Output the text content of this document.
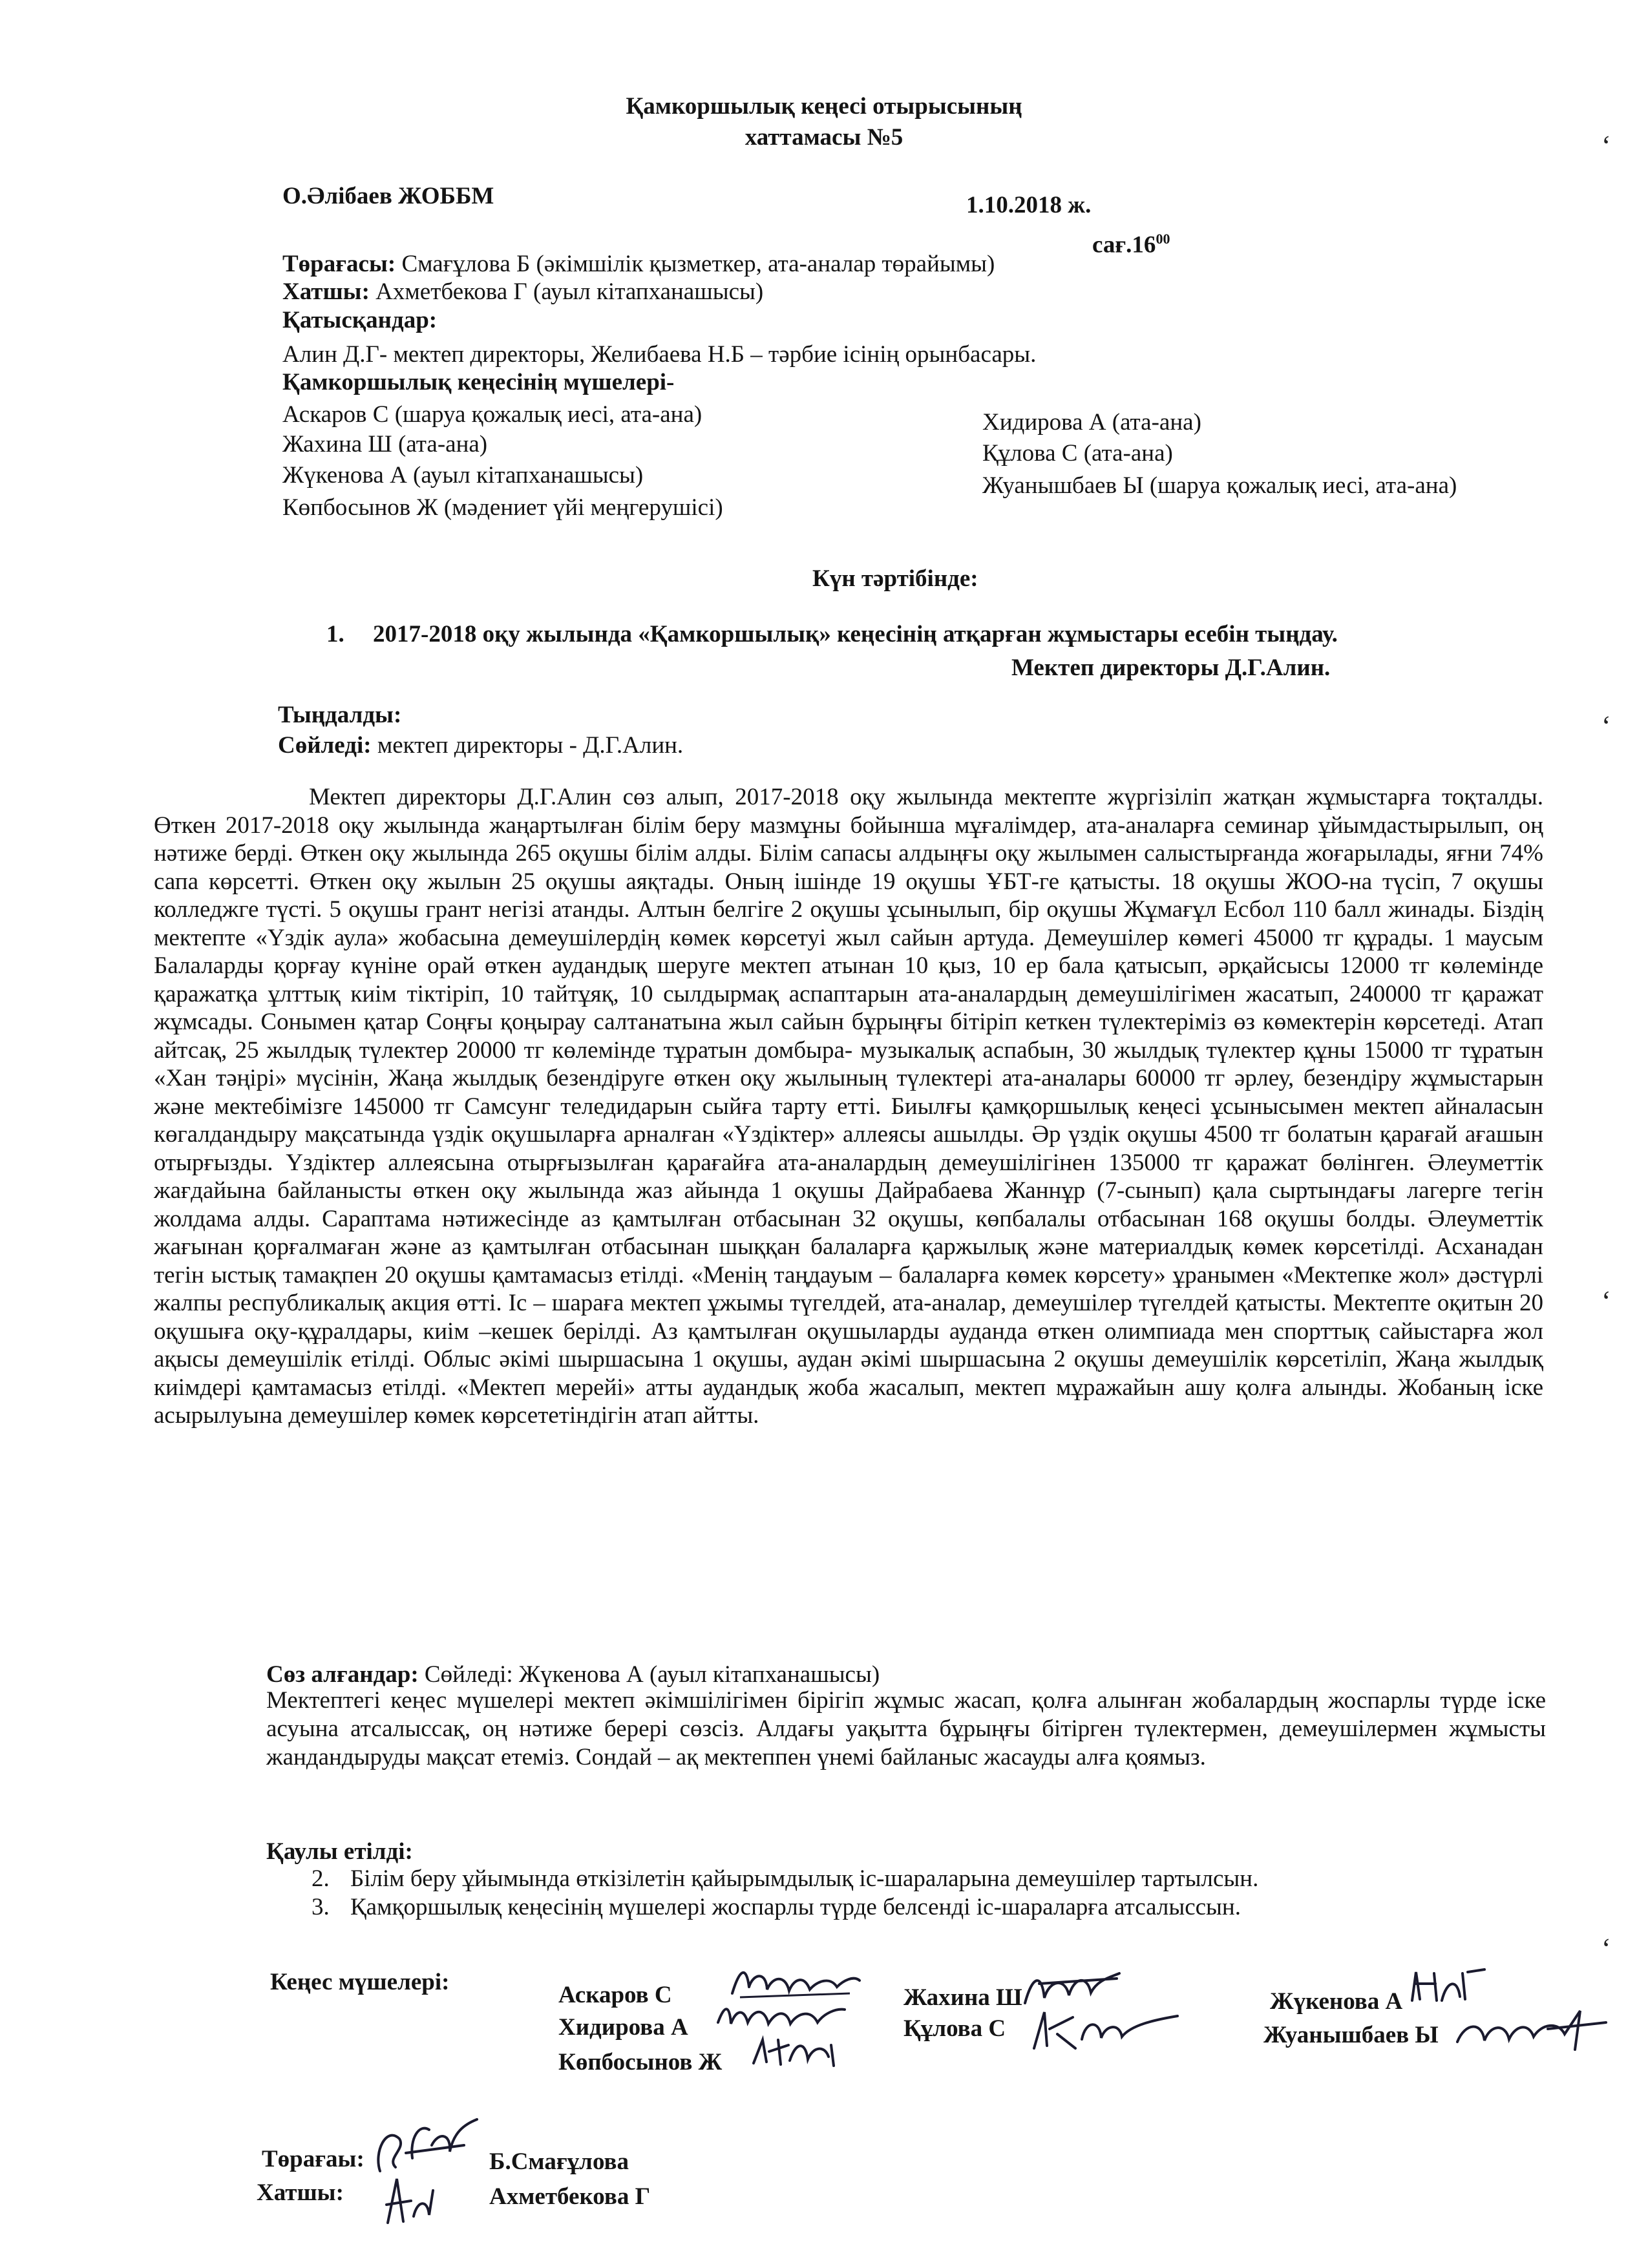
Қамкоршылық кеңесі отырысының
хаттамасы №5
О.Әлібаев ЖОББМ	1.10.2018 ж.
$сағ.16^{00}$
Төрағасы: Смағұлова Б (әкімшілік қызметкер, ата-аналар төрайымы)
Хатшы: Ахметбекова Г (ауыл кітапханашысы)
Қатысқандар:
Алин Д.Г- мектеп директоры, Желибаева Н.Б – тәрбие ісінің орынбасары.
Қамкоршылық кеңесінің мүшелері-
Аскаров С (шаруа қожалық иесі, ата-ана)
Жахина Ш (ата-ана)
Жүкенова А (ауыл кітапханашысы)
Көпбосынов Ж (мәдениет үйі меңгерушісі)
Хидирова А (ата-ана)
Құлова С (ата-ана)
Жуанышбаев Ы (шаруа қожалық иесі, ата-ана)
Күн тәртібінде:
1. 2017-2018 оқу жылында «Қамкоршылық» кеңесінің атқарған жұмыстары есебін тыңдау.
Мектеп директоры Д.Г.Алин.
Тыңдалды:
Сөйледі: мектеп директоры - Д.Г.Алин.

Мектеп директоры Д.Г.Алин сөз алып, 2017-2018 оқу жылында мектепте жүргізіліп жатқан жұмыстарға тоқталды. Өткен 2017-2018 оқу жылында жаңартылған білім беру мазмұны бойынша мұғалімдер, ата-аналарға семинар ұйымдастырылып, оң нәтиже берді. Өткен оқу жылында 265 оқушы білім алды. Білім сапасы алдыңғы оқу жылымен салыстырғанда жоғарылады, яғни 74% сапа көрсетті. Өткен оқу жылын 25 оқушы аяқтады. Оның ішінде 19 оқушы ҰБТ-ге қатысты. 18 оқушы ЖОО-на түсіп, 7 оқушы колледжге түсті. 5 оқушы грант негізі атанды. Алтын белгіге 2 оқушы ұсынылып, бір оқушы Жұмағұл Есбол 110 балл жинады. Біздің мектепте «Үздік аула» жобасына демеушілердің көмек көрсетуі жыл сайын артуда. Демеушілер көмегі 45000 тг құрады. 1 маусым Балаларды қорғау күніне орай өткен аудандық шеруге мектеп атынан 10 қыз, 10 ер бала қатысып, әрқайсысы 12000 тг көлемінде қаражатқа ұлттық киім тіктіріп, 10 тайтұяқ, 10 сылдырмақ аспаптарын ата-аналардың демеушілігімен жасатып, 240000 тг қаражат жұмсады. Сонымен қатар Соңғы қоңырау салтанатына жыл сайын бұрыңғы бітіріп кеткен түлектеріміз өз көмектерін көрсетеді. Атап айтсақ, 25 жылдық түлектер 20000 тг көлемінде тұратын домбыра- музыкалық аспабын, 30 жылдық түлектер құны 15000 тг тұратын «Хан тәңірі» мүсінін, Жаңа жылдық безендіруге өткен оқу жылының түлектері ата-аналары 60000 тг әрлеу, безендіру жұмыстарын және мектебімізге 145000 тг Самсунг теледидарын сыйға тарту етті. Биылғы қамқоршылық кеңесі ұсынысымен мектеп айналасын көгалдандыру мақсатында үздік оқушыларға арналған «Үздіктер» аллеясы ашылды. Әр үздік оқушы 4500 тг болатын қарағай ағашын отырғызды. Үздіктер аллеясына отырғызылған қарағайға ата-аналардың демеушілігінен 135000 тг қаражат бөлінген. Әлеуметтік жағдайына байланысты өткен оқу жылында жаз айында 1 оқушы Дайрабаева Жаннұр (7-сынып) қала сыртындағы лагерге тегін жолдама алды. Сараптама нәтижесінде аз қамтылған отбасынан 32 оқушы, көпбалалы отбасынан 168 оқушы болды. Әлеуметтік жағынан қорғалмаған және аз қамтылған отбасынан шыққан балаларға қаржылық және материалдық көмек көрсетілді. Асханадан тегін ыстық тамақпен 20 оқушы қамтамасыз етілді. «Менің таңдауым – балаларға көмек көрсету» ұранымен «Мектепке жол» дәстүрлі жалпы республикалық акция өтті. Іс – шараға мектеп ұжымы түгелдей, ата-аналар, демеушілер түгелдей қатысты. Мектепте оқитын 20 оқушыға оқу-құралдары, киім –кешек берілді. Аз қамтылған оқушыларды ауданда өткен олимпиада мен спорттық сайыстарға жол ақысы демеушілік етілді. Облыс әкімі шыршасына 1 оқушы, аудан әкімі шыршасына 2 оқушы демеушілік көрсетіліп, Жаңа жылдық киімдері қамтамасыз етілді. «Мектеп мерейі» атты аудандық жоба жасалып, мектеп мұражайын ашу қолға алынды. Жобаның іске асырылуына демеушілер көмек көрсететіндігін атап айтты.

Сөз алғандар: Сөйледі: Жүкенова А (ауыл кітапханашысы)

Мектептегі кеңес мүшелері мектеп әкімшілігімен бірігіп жұмыс жасап, қолға алынған жобалардың жоспарлы түрде іске асуына атсалыссақ, оң нәтиже берері сөзсіз. Алдағы уақытта бұрыңғы бітірген түлектермен, демеушілермен жұмысты жандандыруды мақсат етеміз. Сондай – ақ мектеппен үнемі байланыс жасауды алға қоямыз.

Қаулы етілді:
2. Білім беру ұйымында өткізілетін қайырымдылық іс-шараларына демеушілер тартылсын.
3. Қамқоршылық кеңесінің мүшелері жоспарлы түрде белсенді іс-шараларға атсалыссын.
Кеңес мүшелері:	Аскаров С
Хидирова А
Көпбосынов Ж
Жахина Ш
Құлова С
Жүкенова А
Жуанышбаев Ы
Төрағаы:	Б.Смағұлова
Хатшы:	Ахметбекова Г
ʻ
ʻ
ʻ
ʻ
